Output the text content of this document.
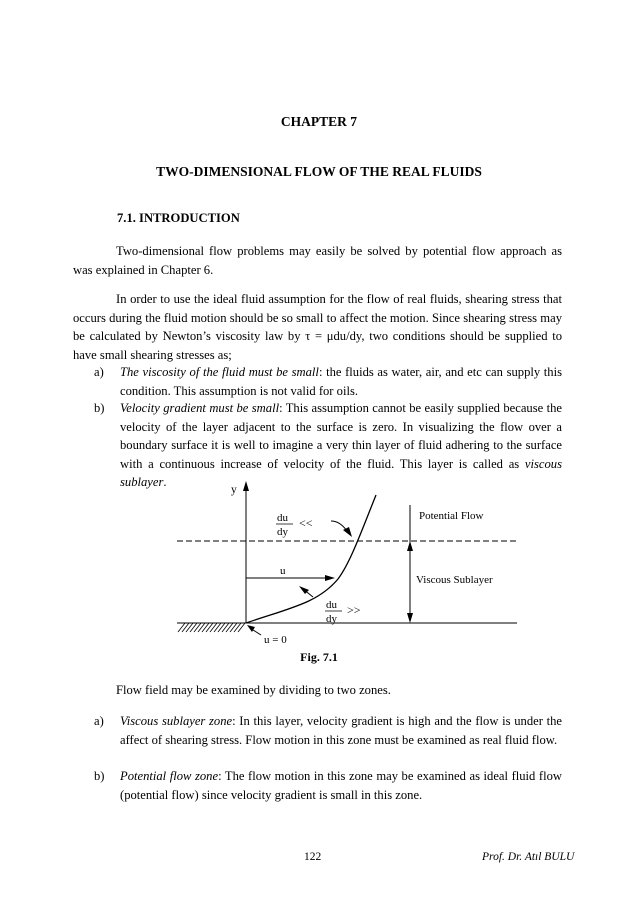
CHAPTER 7
TWO-DIMENSIONAL FLOW OF THE REAL FLUIDS
7.1. INTRODUCTION
Two-dimensional flow problems may easily be solved by potential flow approach as was explained in Chapter 6.
In order to use the ideal fluid assumption for the flow of real fluids, shearing stress that occurs during the fluid motion should be so small to affect the motion. Since shearing stress may be calculated by Newton’s viscosity law by τ = μdu/dy, two conditions should be supplied to have small shearing stresses as;
a) The viscosity of the fluid must be small: the fluids as water, air, and etc can supply this condition. This assumption is not valid for oils.
b) Velocity gradient must be small: This assumption cannot be easily supplied because the velocity of the layer adjacent to the surface is zero. In visualizing the flow over a boundary surface it is well to imagine a very thin layer of fluid adhering to the surface with a continuous increase of velocity of the fluid. This layer is called as viscous sublayer.
y
u
du
dy
<<
du
dy
>>
u = 0
Potential Flow
Viscous Sublayer
Fig. 7.1
Flow field may be examined by dividing to two zones.
a) Viscous sublayer zone: In this layer, velocity gradient is high and the flow is under the affect of shearing stress. Flow motion in this zone must be examined as real fluid flow.
b) Potential flow zone: The flow motion in this zone may be examined as ideal fluid flow (potential flow) since velocity gradient is small in this zone.
122	Prof. Dr. Atıl BULU
